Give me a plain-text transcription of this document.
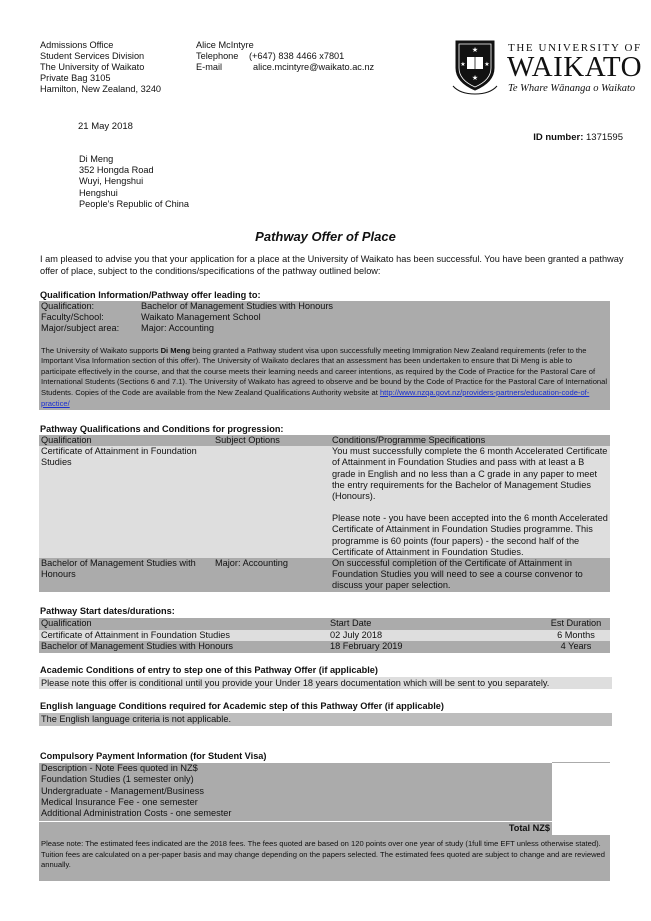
Admissions Office
Student Services Division
The University of Waikato
Private Bag 3105
Hamilton, New Zealand, 3240
Alice McIntyre
Telephone	(+647) 838 4466 x7801
E-mail	alice.mcintyre@waikato.ac.nz
★
★	★
★
THE UNIVERSITY OF
WAIKATO
Te Whare Wānanga o Waikato
21 May 2018
ID number: 1371595
Di Meng
352 Hongda Road
Wuyi, Hengshui
Hengshui
People's Republic of China
Pathway Offer of Place
I am pleased to advise you that your application for a place at the University of Waikato has been successful. You have been granted a pathway offer of place, subject to the conditions/specifications of the pathway outlined below:
Qualification Information/Pathway offer leading to:
Qualification:	Bachelor of Management Studies with Honours
Faculty/School:	Waikato Management School
Major/subject area:	Major: Accounting
The University of Waikato supports Di Meng being granted a Pathway student visa upon successfully meeting Immigration New Zealand requirements (refer to the Important Visa Information section of this offer). The University of Waikato declares that an assessment has been undertaken to ensure that Di Meng is able to participate effectively in the course, and that the course meets their learning needs and career intentions, as required by the Code of Practice for the Pastoral Care of International Students (Sections 6 and 7.1). The University of Waikato has agreed to observe and be bound by the Code of Practice for the Pastoral Care of International Students. Copies of the Code are available from the New Zealand Qualifications Authority website at http://www.nzqa.govt.nz/providers-partners/education-code-of-practice/
Pathway Qualifications and Conditions for progression:
Qualification	Subject Options	Conditions/Programme Specifications
Certificate of Attainment in Foundation Studies		You must successfully complete the 6 month Accelerated Certificate of Attainment in Foundation Studies and pass with at least a B grade in English and no less than a C grade in any paper to meet the entry requirements for the Bachelor of Management Studies (Honours).
Please note - you have been accepted into the 6 month Accelerated Certificate of Attainment in Foundation Studies programme. This programme is 60 points (four papers) - the second half of the Certificate of Attainment in Foundation Studies.

Bachelor of Management Studies with Honours	Major: Accounting	On successful completion of the Certificate of Attainment in Foundation Studies you will need to see a course convenor to discuss your paper selection.
Pathway Start dates/durations:
Qualification	Start Date	Est Duration
Certificate of Attainment in Foundation Studies	02 July 2018	6 Months
Bachelor of Management Studies with Honours	18 February 2019	4 Years
Academic Conditions of entry to step one of this Pathway Offer (if applicable)
Please note this offer is conditional until you provide your Under 18 years documentation which will be sent to you separately.
English language Conditions required for Academic step of this Pathway Offer (if applicable)
The English language criteria is not applicable.
Compulsory Payment Information (for Student Visa)
Description - Note Fees quoted in NZ$
Foundation Studies (1 semester only)
Undergraduate - Management/Business
Medical Insurance Fee - one semester
Additional Administration Costs - one semester
Total NZ$
Please note: The estimated fees indicated are the 2018 fees. The fees quoted are based on 120 points over one year of study (1full time EFT unless otherwise stated). Tuition fees are calculated on a per-paper basis and may change depending on the papers selected. The estimated fees quoted are subject to change and are reviewed annually.
